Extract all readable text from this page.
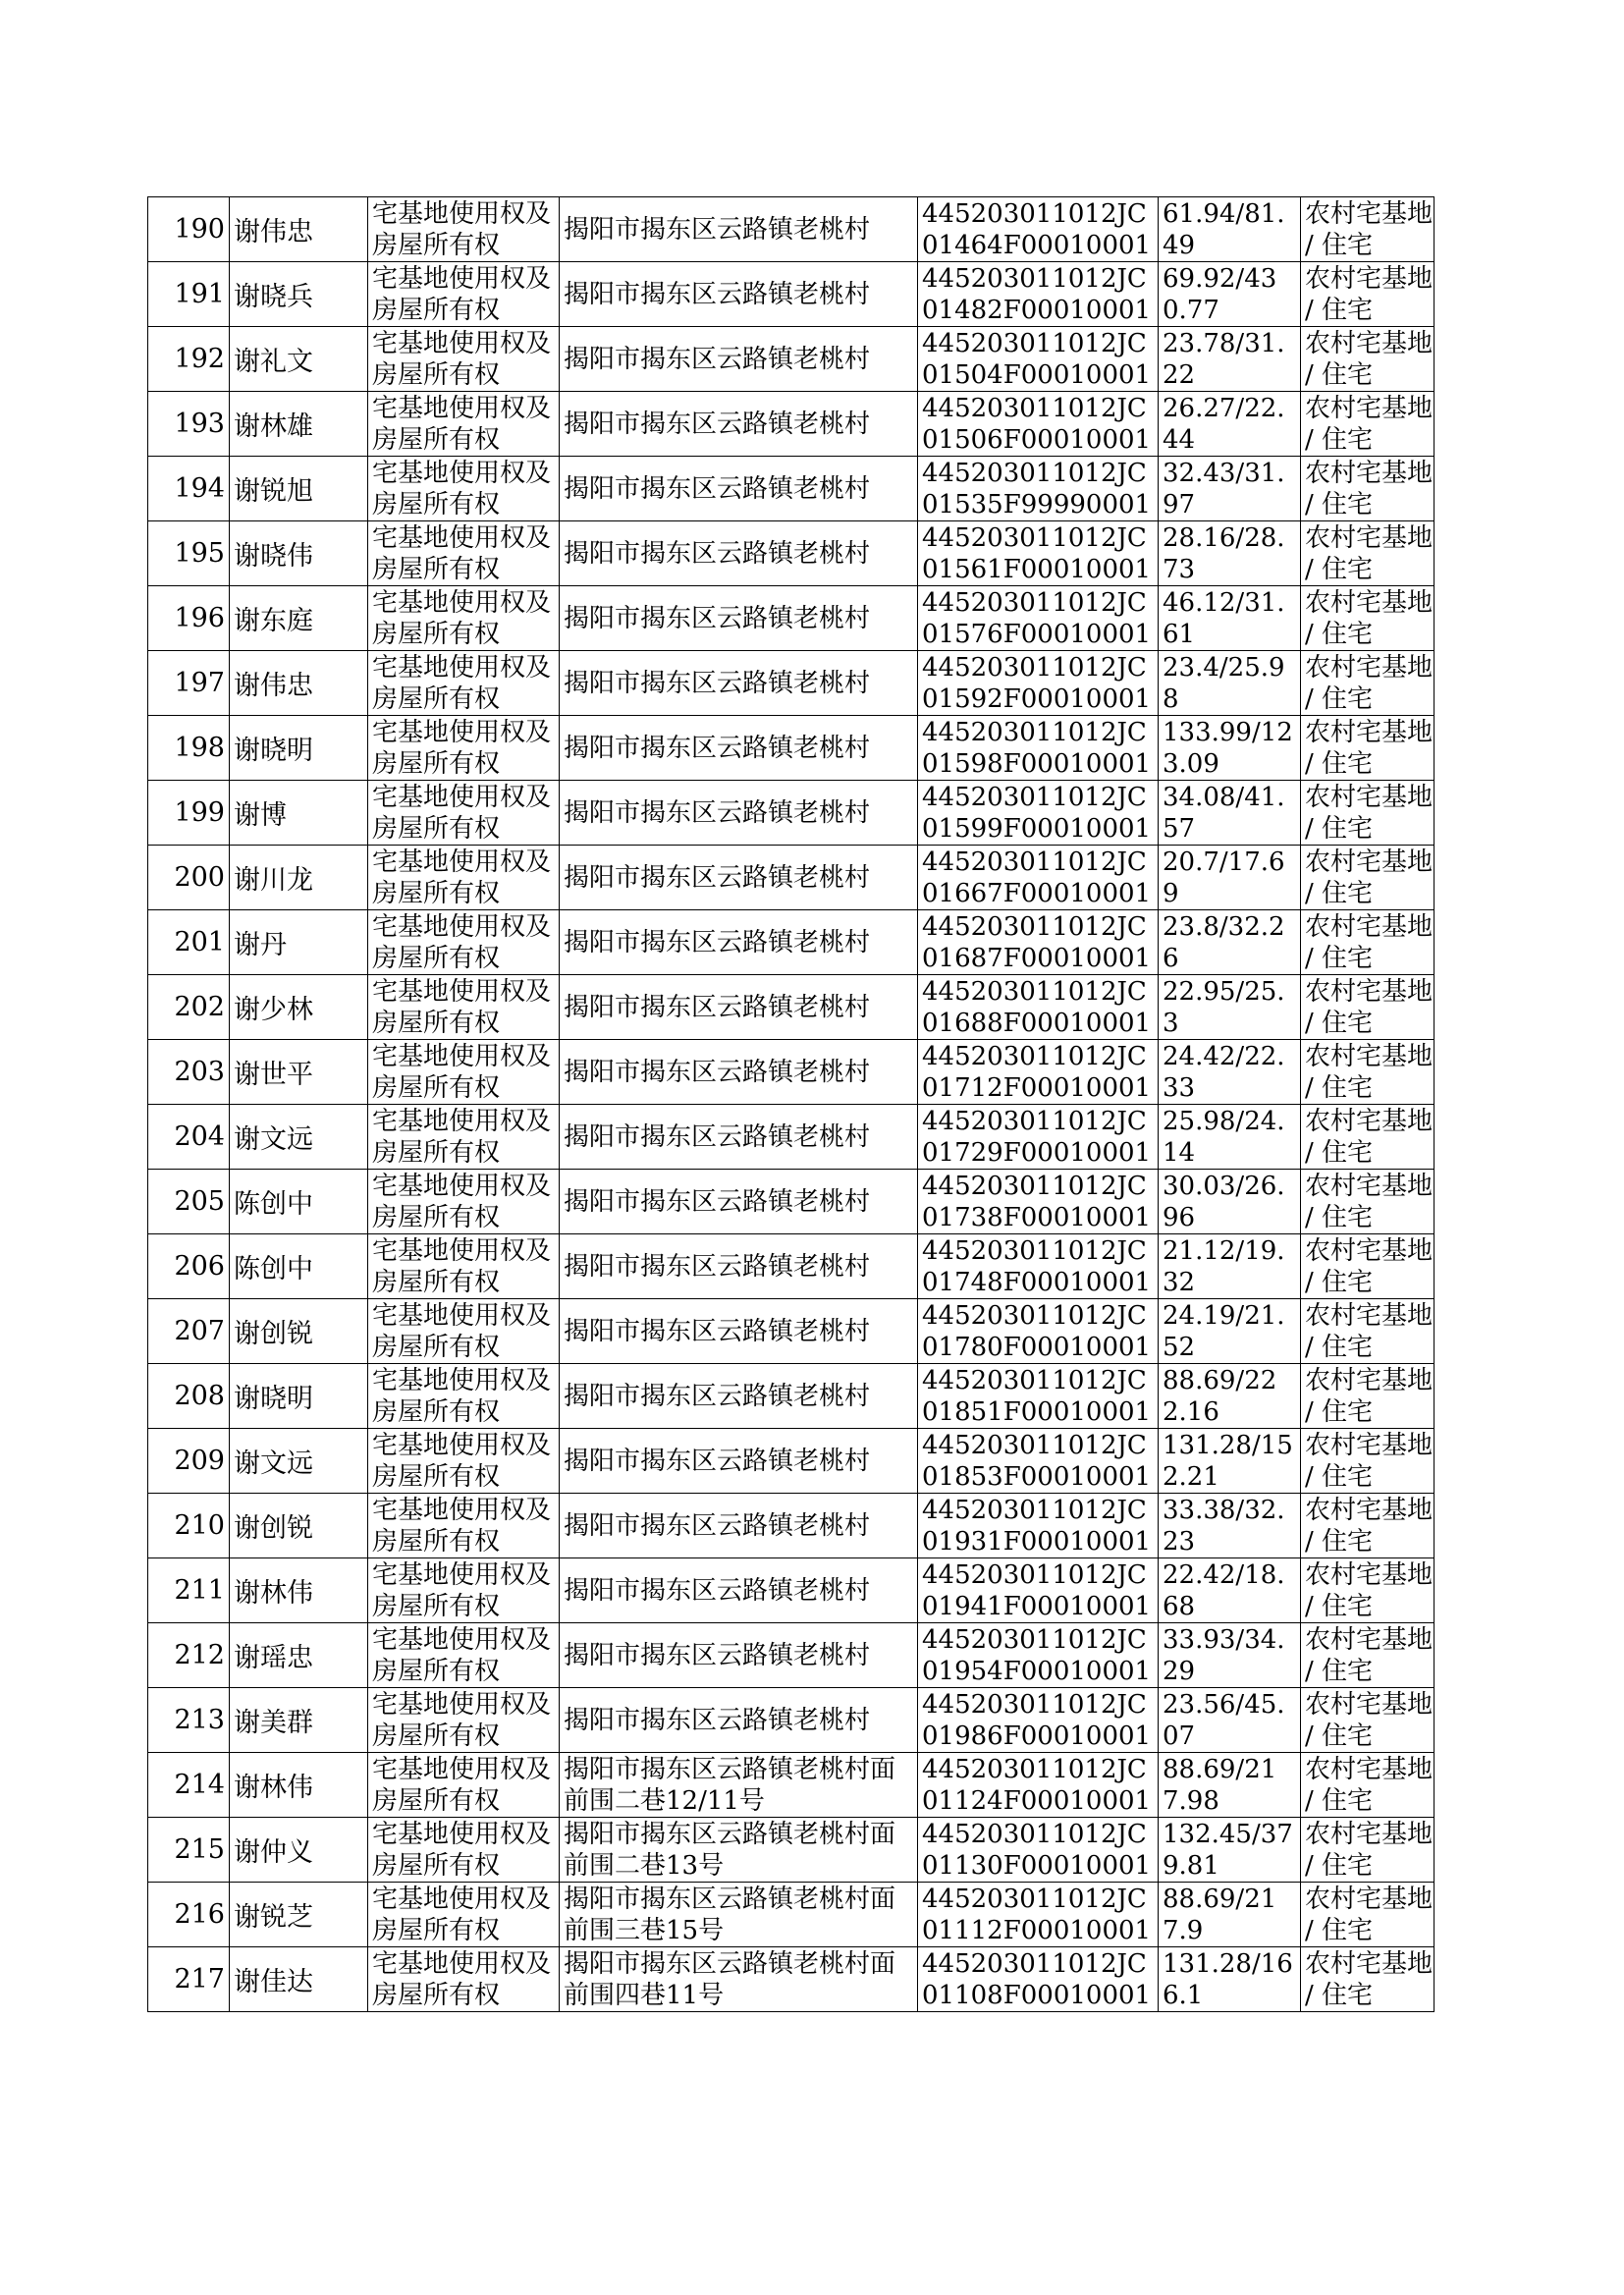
190	谢伟忠	宅基地使用权及房屋所有权	揭阳市揭东区云路镇老桃村	445203011012JC01464F00010001	61.94/81.49	农村宅基地 / 住宅
191	谢晓兵	宅基地使用权及房屋所有权	揭阳市揭东区云路镇老桃村	445203011012JC01482F00010001	69.92/430.77	农村宅基地 / 住宅
192	谢礼文	宅基地使用权及房屋所有权	揭阳市揭东区云路镇老桃村	445203011012JC01504F00010001	23.78/31.22	农村宅基地 / 住宅
193	谢林雄	宅基地使用权及房屋所有权	揭阳市揭东区云路镇老桃村	445203011012JC01506F00010001	26.27/22.44	农村宅基地 / 住宅
194	谢锐旭	宅基地使用权及房屋所有权	揭阳市揭东区云路镇老桃村	445203011012JC01535F99990001	32.43/31.97	农村宅基地 / 住宅
195	谢晓伟	宅基地使用权及房屋所有权	揭阳市揭东区云路镇老桃村	445203011012JC01561F00010001	28.16/28.73	农村宅基地 / 住宅
196	谢东庭	宅基地使用权及房屋所有权	揭阳市揭东区云路镇老桃村	445203011012JC01576F00010001	46.12/31.61	农村宅基地 / 住宅
197	谢伟忠	宅基地使用权及房屋所有权	揭阳市揭东区云路镇老桃村	445203011012JC01592F00010001	23.4/25.98	农村宅基地 / 住宅
198	谢晓明	宅基地使用权及房屋所有权	揭阳市揭东区云路镇老桃村	445203011012JC01598F00010001	133.99/123.09	农村宅基地 / 住宅
199	谢博	宅基地使用权及房屋所有权	揭阳市揭东区云路镇老桃村	445203011012JC01599F00010001	34.08/41.57	农村宅基地 / 住宅
200	谢川龙	宅基地使用权及房屋所有权	揭阳市揭东区云路镇老桃村	445203011012JC01667F00010001	20.7/17.69	农村宅基地 / 住宅
201	谢丹	宅基地使用权及房屋所有权	揭阳市揭东区云路镇老桃村	445203011012JC01687F00010001	23.8/32.26	农村宅基地 / 住宅
202	谢少林	宅基地使用权及房屋所有权	揭阳市揭东区云路镇老桃村	445203011012JC01688F00010001	22.95/25.3	农村宅基地 / 住宅
203	谢世平	宅基地使用权及房屋所有权	揭阳市揭东区云路镇老桃村	445203011012JC01712F00010001	24.42/22.33	农村宅基地 / 住宅
204	谢文远	宅基地使用权及房屋所有权	揭阳市揭东区云路镇老桃村	445203011012JC01729F00010001	25.98/24.14	农村宅基地 / 住宅
205	陈创中	宅基地使用权及房屋所有权	揭阳市揭东区云路镇老桃村	445203011012JC01738F00010001	30.03/26.96	农村宅基地 / 住宅
206	陈创中	宅基地使用权及房屋所有权	揭阳市揭东区云路镇老桃村	445203011012JC01748F00010001	21.12/19.32	农村宅基地 / 住宅
207	谢创锐	宅基地使用权及房屋所有权	揭阳市揭东区云路镇老桃村	445203011012JC01780F00010001	24.19/21.52	农村宅基地 / 住宅
208	谢晓明	宅基地使用权及房屋所有权	揭阳市揭东区云路镇老桃村	445203011012JC01851F00010001	88.69/222.16	农村宅基地 / 住宅
209	谢文远	宅基地使用权及房屋所有权	揭阳市揭东区云路镇老桃村	445203011012JC01853F00010001	131.28/152.21	农村宅基地 / 住宅
210	谢创锐	宅基地使用权及房屋所有权	揭阳市揭东区云路镇老桃村	445203011012JC01931F00010001	33.38/32.23	农村宅基地 / 住宅
211	谢林伟	宅基地使用权及房屋所有权	揭阳市揭东区云路镇老桃村	445203011012JC01941F00010001	22.42/18.68	农村宅基地 / 住宅
212	谢瑶忠	宅基地使用权及房屋所有权	揭阳市揭东区云路镇老桃村	445203011012JC01954F00010001	33.93/34.29	农村宅基地 / 住宅
213	谢美群	宅基地使用权及房屋所有权	揭阳市揭东区云路镇老桃村	445203011012JC01986F00010001	23.56/45.07	农村宅基地 / 住宅
214	谢林伟	宅基地使用权及房屋所有权	揭阳市揭东区云路镇老桃村面前围二巷12/11号	445203011012JC01124F00010001	88.69/217.98	农村宅基地 / 住宅
215	谢仲义	宅基地使用权及房屋所有权	揭阳市揭东区云路镇老桃村面前围二巷13号	445203011012JC01130F00010001	132.45/379.81	农村宅基地 / 住宅
216	谢锐芝	宅基地使用权及房屋所有权	揭阳市揭东区云路镇老桃村面前围三巷15号	445203011012JC01112F00010001	88.69/217.9	农村宅基地 / 住宅
217	谢佳达	宅基地使用权及房屋所有权	揭阳市揭东区云路镇老桃村面前围四巷11号	445203011012JC01108F00010001	131.28/166.1	农村宅基地 / 住宅
